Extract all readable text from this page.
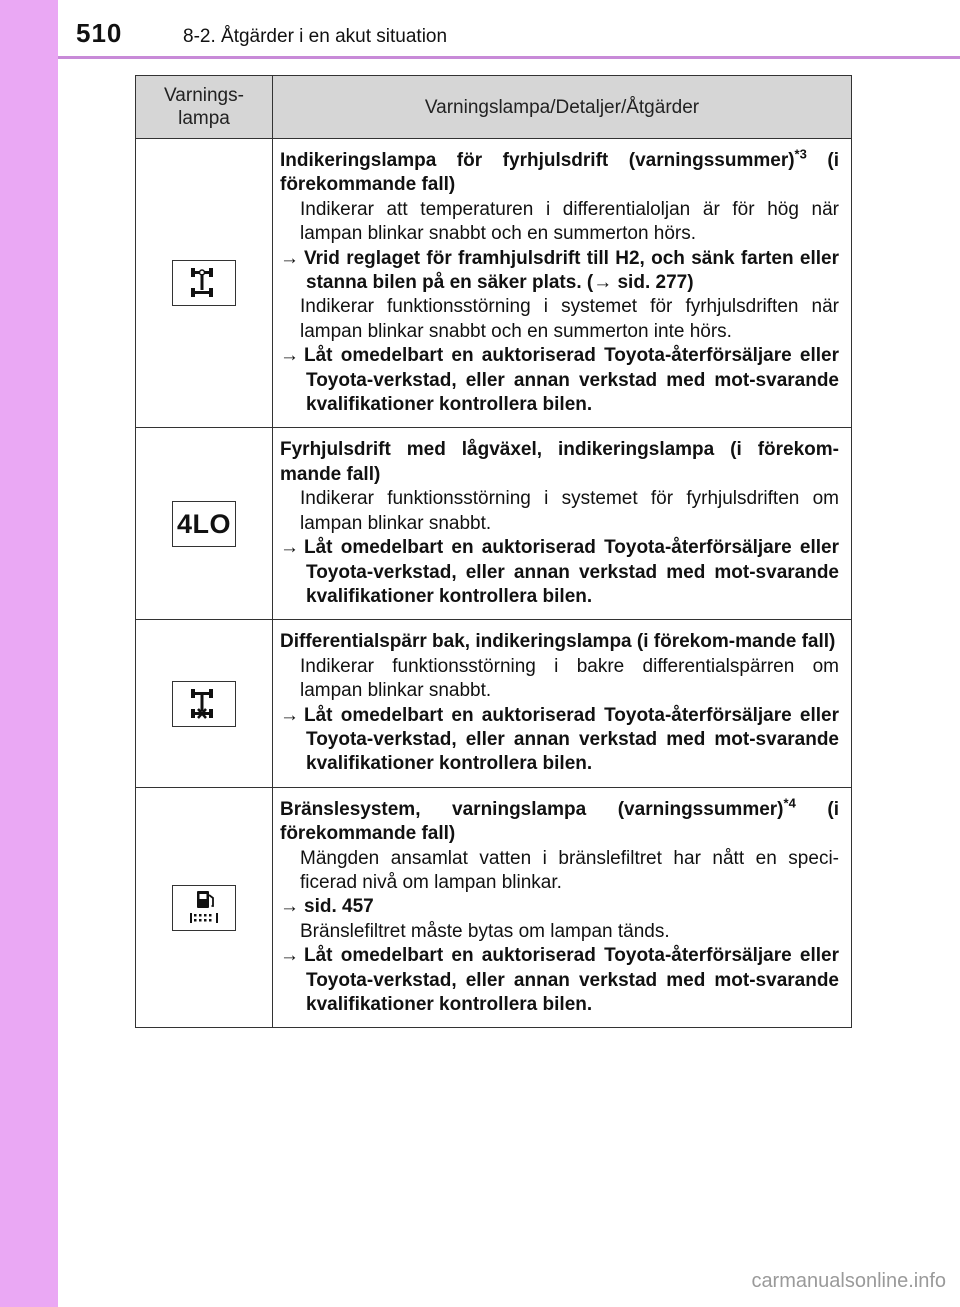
510	8-2. Åtgärder i en akut situation
Varnings-
lampa	Varningslampa/Detaljer/Åtgärder

Indikeringslampa för fyrhjulsdrift (varningssummer)$^{*3}$ (i förekommande fall)
Indikerar att temperaturen i differentialoljan är för hög när lampan blinkar snabbt och en summerton hörs.
→ Vrid reglaget för framhjulsdrift till H2, och sänk farten eller stanna bilen på en säker plats. (→ sid. 277)
Indikerar funktionsstörning i systemet för fyrhjulsdriften när lampan blinkar snabbt och en summerton inte hörs.
→ Låt omedelbart en auktoriserad Toyota-återförsäljare eller Toyota-verkstad, eller annan verkstad med mot-svarande kvalifikationer kontrollera bilen.

4LO	Fyrhjulsdrift med lågväxel, indikeringslampa (i förekom-mande fall)
Indikerar funktionsstörning i systemet för fyrhjulsdriften om lampan blinkar snabbt.
→ Låt omedelbart en auktoriserad Toyota-återförsäljare eller Toyota-verkstad, eller annan verkstad med mot-svarande kvalifikationer kontrollera bilen.

Differentialspärr bak, indikeringslampa (i förekom-mande fall)
Indikerar funktionsstörning i bakre differentialspärren om lampan blinkar snabbt.
→ Låt omedelbart en auktoriserad Toyota-återförsäljare eller Toyota-verkstad, eller annan verkstad med mot-svarande kvalifikationer kontrollera bilen.

Bränslesystem, varningslampa (varningssummer)$^{*4}$ (i förekommande fall)
Mängden ansamlat vatten i bränslefiltret har nått en speci-ficerad nivå om lampan blinkar.
→ sid. 457
Bränslefiltret måste bytas om lampan tänds.
→ Låt omedelbart en auktoriserad Toyota-återförsäljare eller Toyota-verkstad, eller annan verkstad med mot-svarande kvalifikationer kontrollera bilen.
carmanualsonline.info
